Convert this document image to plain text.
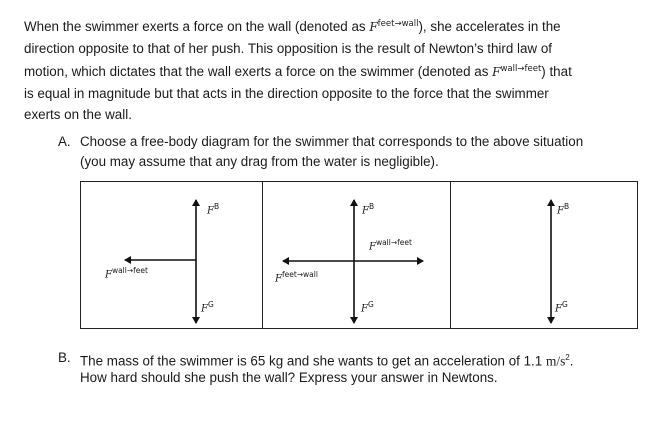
When the swimmer exerts a force on the wall (denoted as $F^{feet\to wall}$), she accelerates in the

direction opposite to that of her push. This opposition is the result of Newton’s third law of

motion, which dictates that the wall exerts a force on the swimmer (denoted as $F^{wall\to feet}$) that

is equal in magnitude but that acts in the direction opposite to the force that the swimmer

exerts on the wall.

A. Choose a free-body diagram for the swimmer that corresponds to the above situation
(you may assume that any drag from the water is negligible).
$F^B$
$F^G$
$F^{wall\to feet}$
$F^B$
$F^G$
$F^{wall\to feet}$
$F^{feet\to wall}$
$F^B$
$F^G$
B. The mass of the swimmer is 65 kg and she wants to get an acceleration of 1.1 $m/s^2$.
How hard should she push the wall? Express your answer in Newtons.
